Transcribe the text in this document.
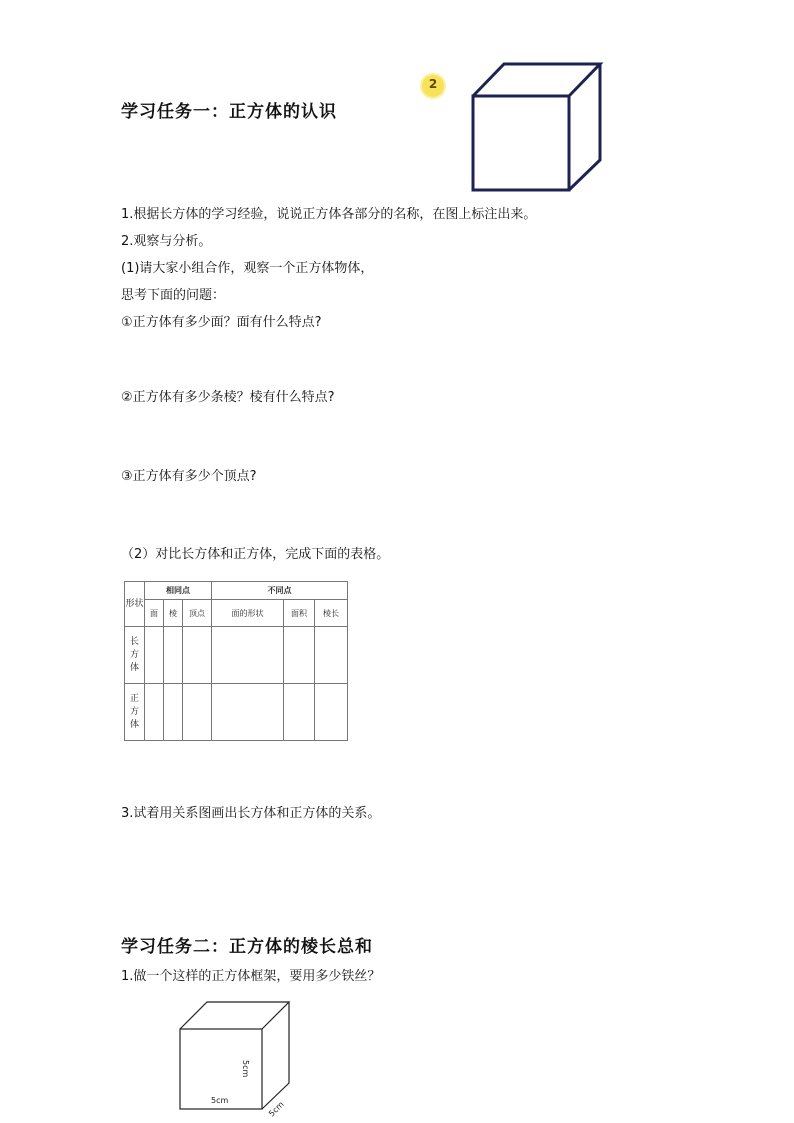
学习任务一：正方体的认识
2
1.根据长方体的学习经验，说说正方体各部分的名称，在图上标注出来。
2.观察与分析。
(1)请大家小组合作，观察一个正方体物体，
思考下面的问题：
①正方体有多少面？面有什么特点?
②正方体有多少条棱？棱有什么特点?
③正方体有多少个顶点?
（2）对比长方体和正方体，完成下面的表格。
形状	相同点			不同点		
	面	棱	顶点	面的形状	面积	棱长

长方体						

正方体						

3.试着用关系图画出长方体和正方体的关系。
学习任务二：正方体的棱长总和
1.做一个这样的正方体框架，要用多少铁丝？
5cm
5cm	5cm
